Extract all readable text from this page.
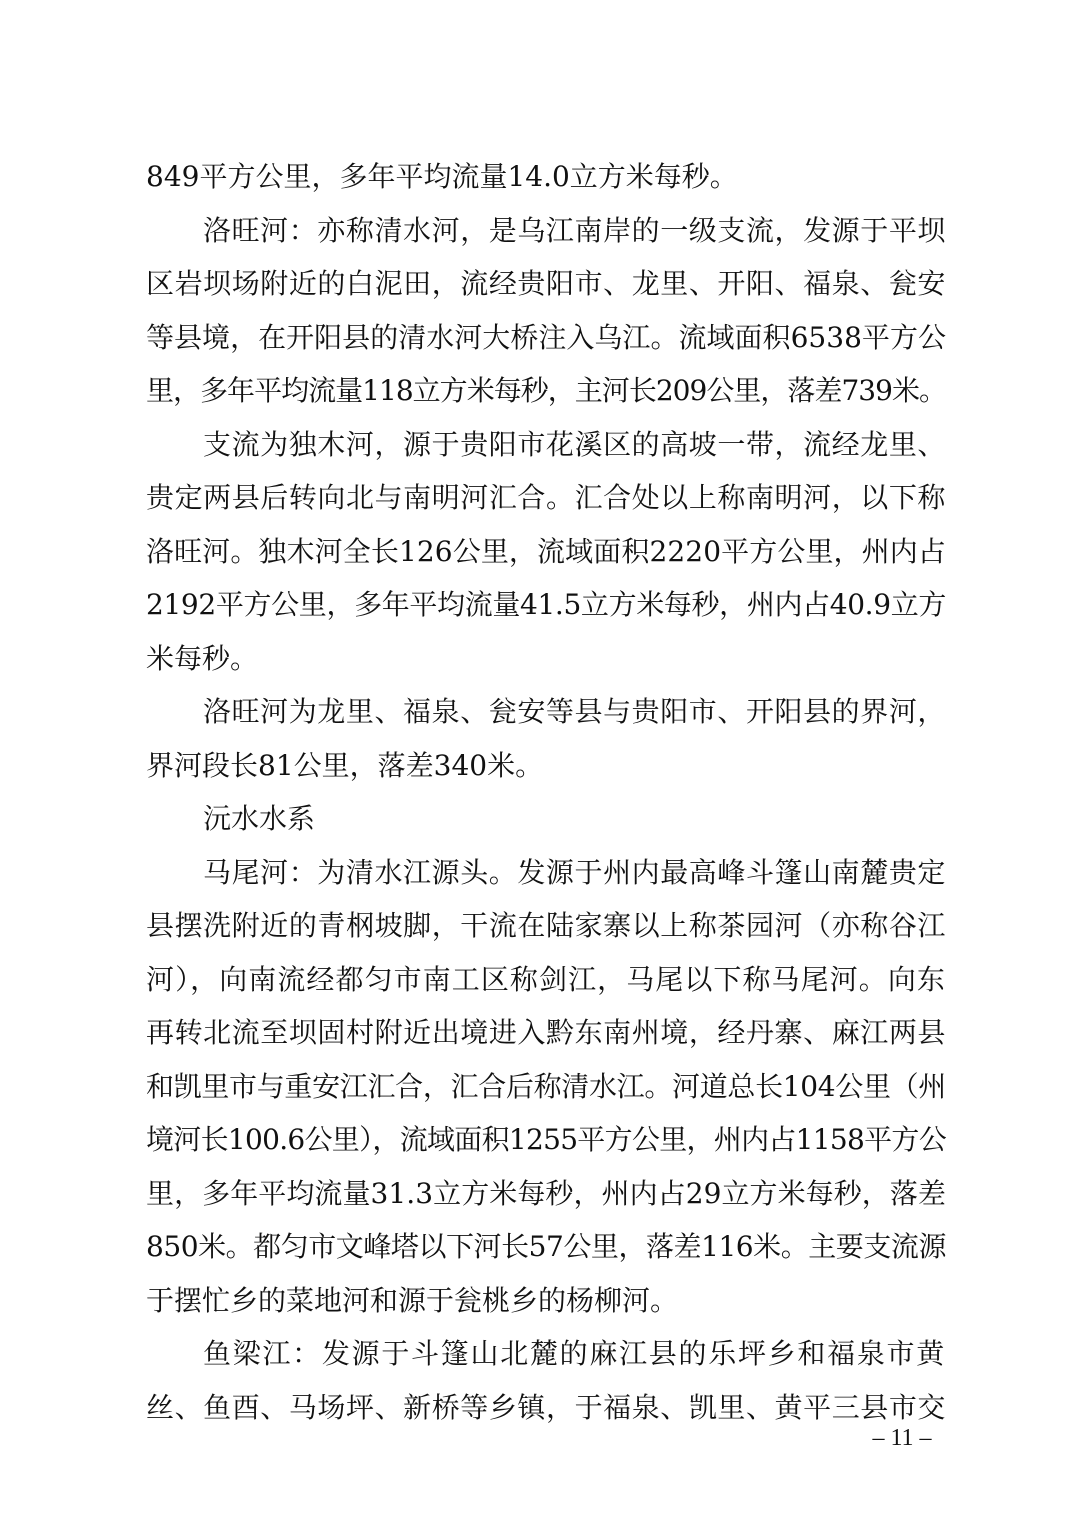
849平方公里，多年平均流量14.0立方米每秒。
洛旺河：亦称清水河，是乌江南岸的一级支流，发源于平坝
区岩坝场附近的白泥田，流经贵阳市、龙里、开阳、福泉、瓮安
等县境，在开阳县的清水河大桥注入乌江。流域面积6538平方公
里，多年平均流量118立方米每秒，主河长209公里，落差739米。
支流为独木河，源于贵阳市花溪区的高坡一带，流经龙里、
贵定两县后转向北与南明河汇合。汇合处以上称南明河，以下称
洛旺河。独木河全长126公里，流域面积2220平方公里，州内占
2192平方公里，多年平均流量41.5立方米每秒，州内占40.9立方
米每秒。
洛旺河为龙里、福泉、瓮安等县与贵阳市、开阳县的界河，
界河段长81公里，落差340米。
沅水水系
马尾河：为清水江源头。发源于州内最高峰斗篷山南麓贵定
县摆洗附近的青㭎坡脚，干流在陆家寨以上称茶园河（亦称谷江
河），向南流经都匀市南工区称剑江，马尾以下称马尾河。向东
再转北流至坝固村附近出境进入黔东南州境，经丹寨、麻江两县
和凯里市与重安江汇合，汇合后称清水江。河道总长104公里（州
境河长100.6公里），流域面积1255平方公里，州内占1158平方公
里，多年平均流量31.3立方米每秒，州内占29立方米每秒，落差
850米。都匀市文峰塔以下河长57公里，落差116米。主要支流源
于摆忙乡的菜地河和源于瓮桃乡的杨柳河。
鱼梁江：发源于斗篷山北麓的麻江县的乐坪乡和福泉市黄
丝、鱼酉、马场坪、新桥等乡镇，于福泉、凯里、黄平三县市交
– 11 –
